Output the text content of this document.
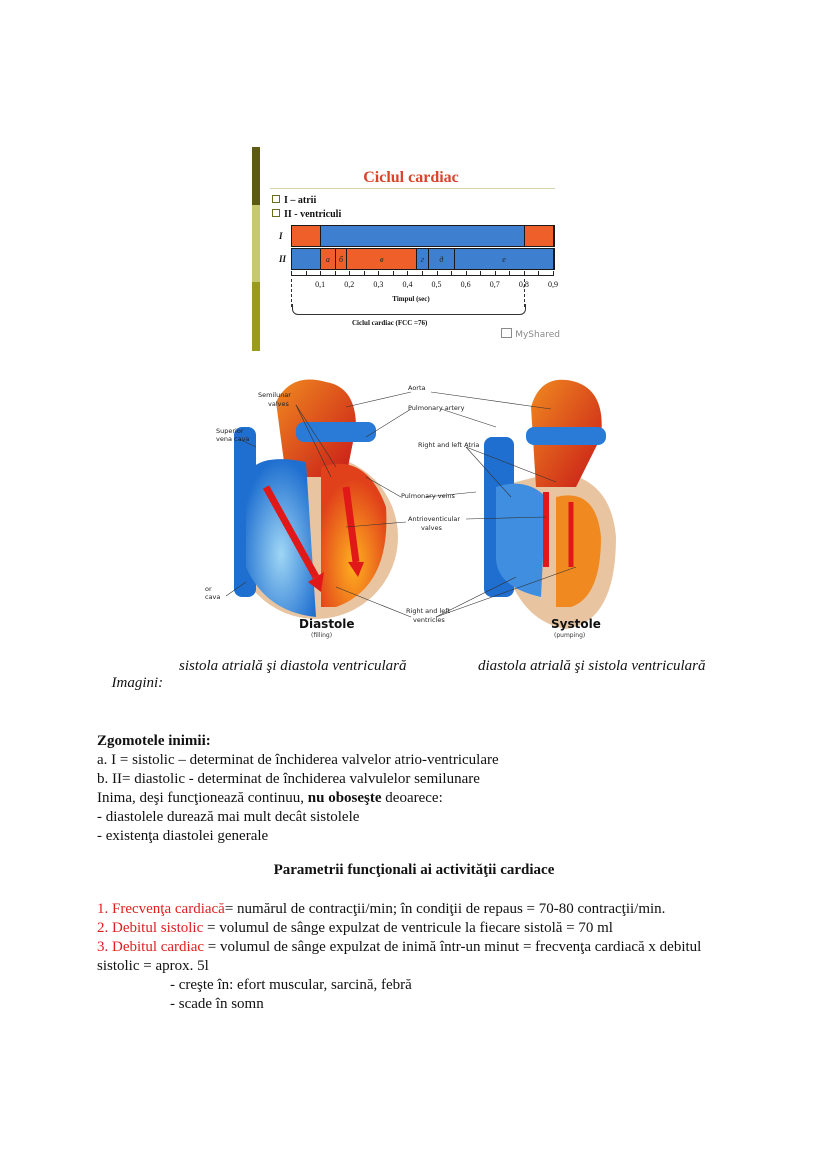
Ciclul cardiac
I – atrii
II - ventriculi
I
II	a	б	в	г	д	е
0,1 0,2 0,3 0,4 0,5 0,6 0,7 0,8 0,9
Timpul (sec)
Ciclul cardiac (FCC =76)
MyShared
Semilunar
valves
Superior
vena cava
or
cava
Aorta
Pulmonary artery
Right and left Atria
Pulmonary veins
Antrioventicular
valves
Right and left
ventricles
Diastole
(filling)
Systole
(pumping)

Imagini:

sistola atrială şi diastola ventriculară

	diastola atrială şi sistola ventriculară

Zgomotele inimii:

a. I = sistolic – determinat de închiderea valvelor atrio-ventriculare

b. II= diastolic - determinat de închiderea valvulelor semilunare

Inima, deşi funcţionează continuu, nu oboseşte deoarece:

- diastolele durează mai mult decât sistolele

- existenţa diastolei generale

Parametrii funcţionali ai activităţii cardiace

1. Frecvenţa cardiacă= numărul de contracţii/min; în condiţii de repaus = 70-80 contracţii/min.

2. Debitul sistolic = volumul de sânge expulzat de ventricule la fiecare sistolă = 70 ml

3. Debitul cardiac = volumul de sânge expulzat de inimă într-un minut = frecvenţa cardiacă x debitul sistolic = aprox. 5l

- creşte în: efort muscular, sarcină, febră

- scade în somn
